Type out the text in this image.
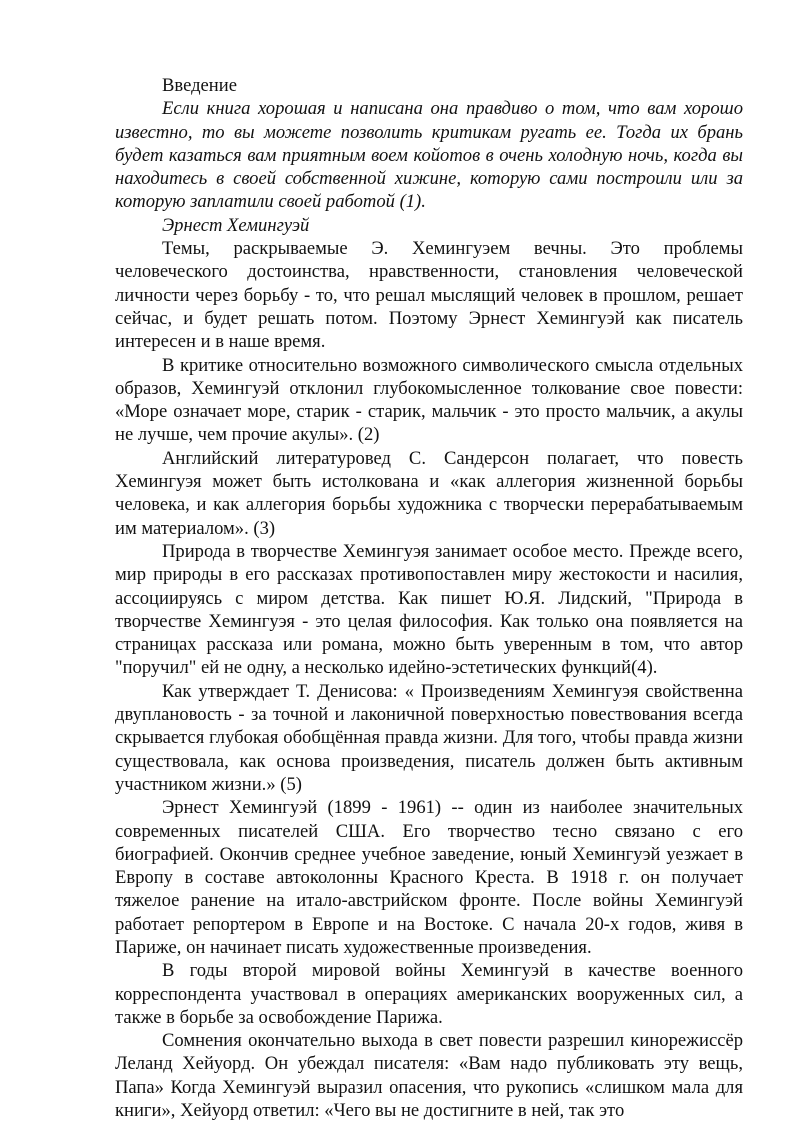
Введение

Если книга хорошая и написана она правдиво о том, что вам хорошо известно, то вы можете позволить критикам ругать ее. Тогда их брань будет казаться вам приятным воем койотов в очень холодную ночь, когда вы находитесь в своей собственной хижине, которую сами построили или за которую заплатили своей работой (1).

Эрнест Хемингуэй

Темы, раскрываемые Э. Хемингуэем вечны. Это проблемы человеческого достоинства, нравственности, становления человеческой личности через борьбу - то, что решал мыслящий человек в прошлом, решает сейчас, и будет решать потом. Поэтому Эрнест Хемингуэй как писатель интересен и в наше время.

В критике относительно возможного символического смысла отдельных образов, Хемингуэй отклонил глубокомысленное толкование свое повести: «Море означает море, старик - старик, мальчик - это просто мальчик, а акулы не лучше, чем прочие акулы». (2)

Английский литературовед С. Сандерсон полагает, что повесть Хемингуэя может быть истолкована и «как аллегория жизненной борьбы человека, и как аллегория борьбы художника с творчески перерабатываемым им материалом». (3)

Природа в творчестве Хемингуэя занимает особое место. Прежде всего, мир природы в его рассказах противопоставлен миру жестокости и насилия, ассоциируясь с миром детства. Как пишет Ю.Я. Лидский, "Природа в творчестве Хемингуэя - это целая философия. Как только она появляется на страницах рассказа или романа, можно быть уверенным в том, что автор "поручил" ей не одну, а несколько идейно-эстетических функций(4).

Как утверждает Т. Денисова: « Произведениям Хемингуэя свойственна двуплановость - за точной и лаконичной поверхностью повествования всегда скрывается глубокая обобщённая правда жизни. Для того, чтобы правда жизни существовала, как основа произведения, писатель должен быть активным участником жизни.» (5)

Эрнест Хемингуэй (1899 - 1961) -- один из наиболее значительных современных писателей США. Его творчество тесно связано с его биографией. Окончив среднее учебное заведение, юный Хемингуэй уезжает в Европу в составе автоколонны Красного Креста. В 1918 г. он получает тяжелое ранение на итало-австрийском фронте. После войны Хемингуэй работает репортером в Европе и на Востоке. С начала 20-х годов, живя в Париже, он начинает писать художественные произведения.

В годы второй мировой войны Хемингуэй в качестве военного корреспондента участвовал в операциях американских вооруженных сил, а также в борьбе за освобождение Парижа.

Сомнения окончательно выхода в свет повести разрешил кинорежиссёр Леланд Хейуорд. Он убеждал писателя: «Вам надо публиковать эту вещь, Папа» Когда Хемингуэй выразил опасения, что рукопись «слишком мала для книги», Хейуорд ответил: «Чего вы не достигните в ней, так это
